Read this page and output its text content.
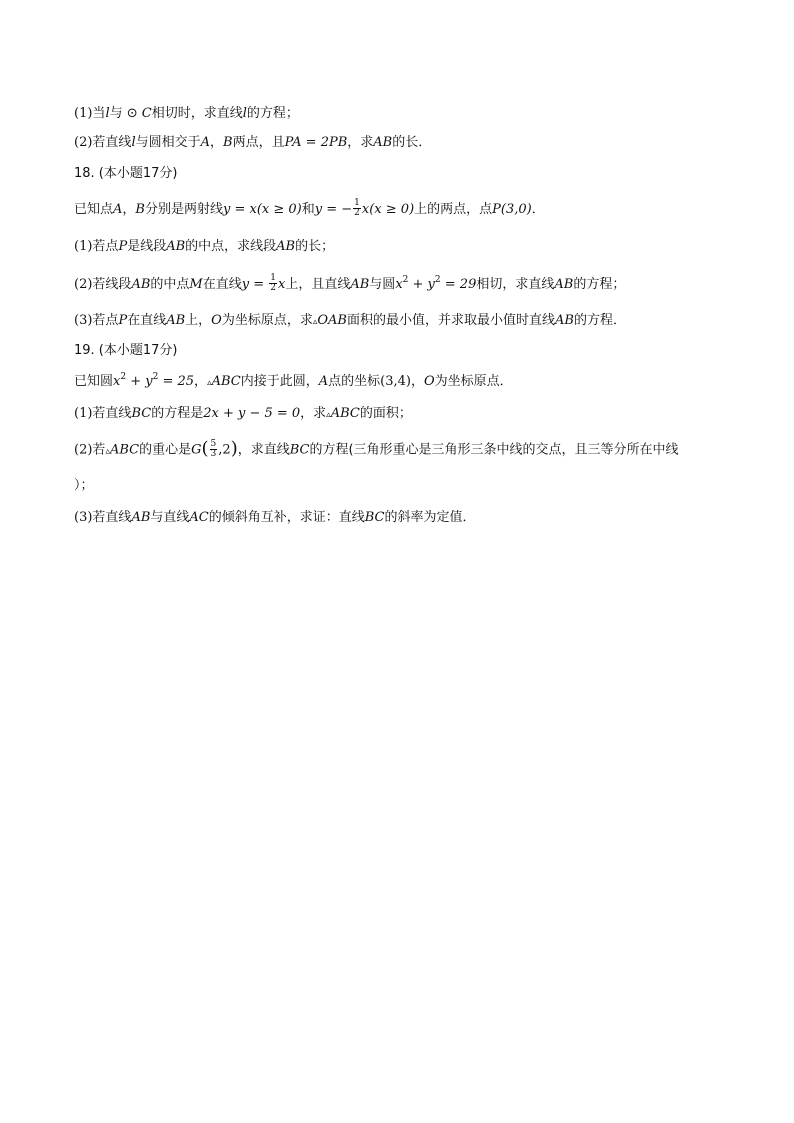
(1)当l与 ⊙ C相切时，求直线l的方程；
(2)若直线l与圆相交于A，B两点，且PA = 2PB，求AB的长．
18. (本小题17分)
已知点A，B分别是两射线y = x(x ≥ 0)和y = − $\frac{1}{2} x(x \ge 0)$上的两点，点P(3,0)．
(1)若点P是线段AB的中点，求线段AB的长；
(2)若线段AB的中点M在直线$y = \frac{1}{2}$ x上，且直线AB与圆$x^2 + y^2 = 29$相切，求直线AB的方程；
(3)若点P在直线AB上，O为坐标原点，求▵OAB面积的最小值，并求取最小值时直线AB的方程．
19. (本小题17分)
已知圆$x^2 + y^2 = 25$，▵ABC内接于此圆，A点的坐标(3,4)，O为坐标原点．
(1)若直线BC的方程是2x + y − 5 = 0，求▵ABC的面积；
(2)若▵ABC的重心是$G( \frac{5}{3} ,2)$，求直线BC的方程(三角形重心是三角形三条中线的交点，且三等分所在中线
）；
(3)若直线AB与直线AC的倾斜角互补，求证：直线BC的斜率为定值．
